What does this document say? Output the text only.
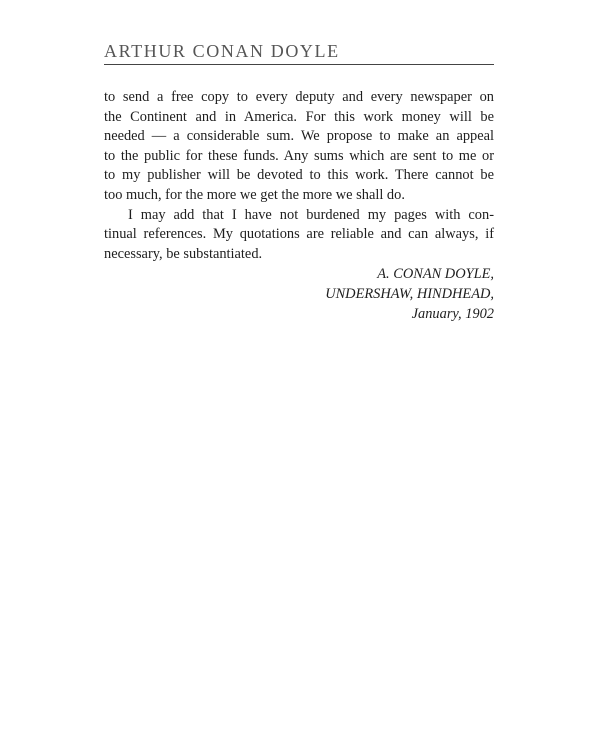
ARTHUR CONAN DOYLE
to send a free copy to every deputy and every newspaper on
the Continent and in America. For this work money will be
needed — a considerable sum. We propose to make an appeal
to the public for these funds. Any sums which are sent to me or
to my publisher will be devoted to this work. There cannot be
too much, for the more we get the more we shall do.
I may add that I have not burdened my pages with con-
tinual references. My quotations are reliable and can always, if
necessary, be substantiated.
A. CONAN DOYLE,
UNDERSHAW, HINDHEAD,
January, 1902
